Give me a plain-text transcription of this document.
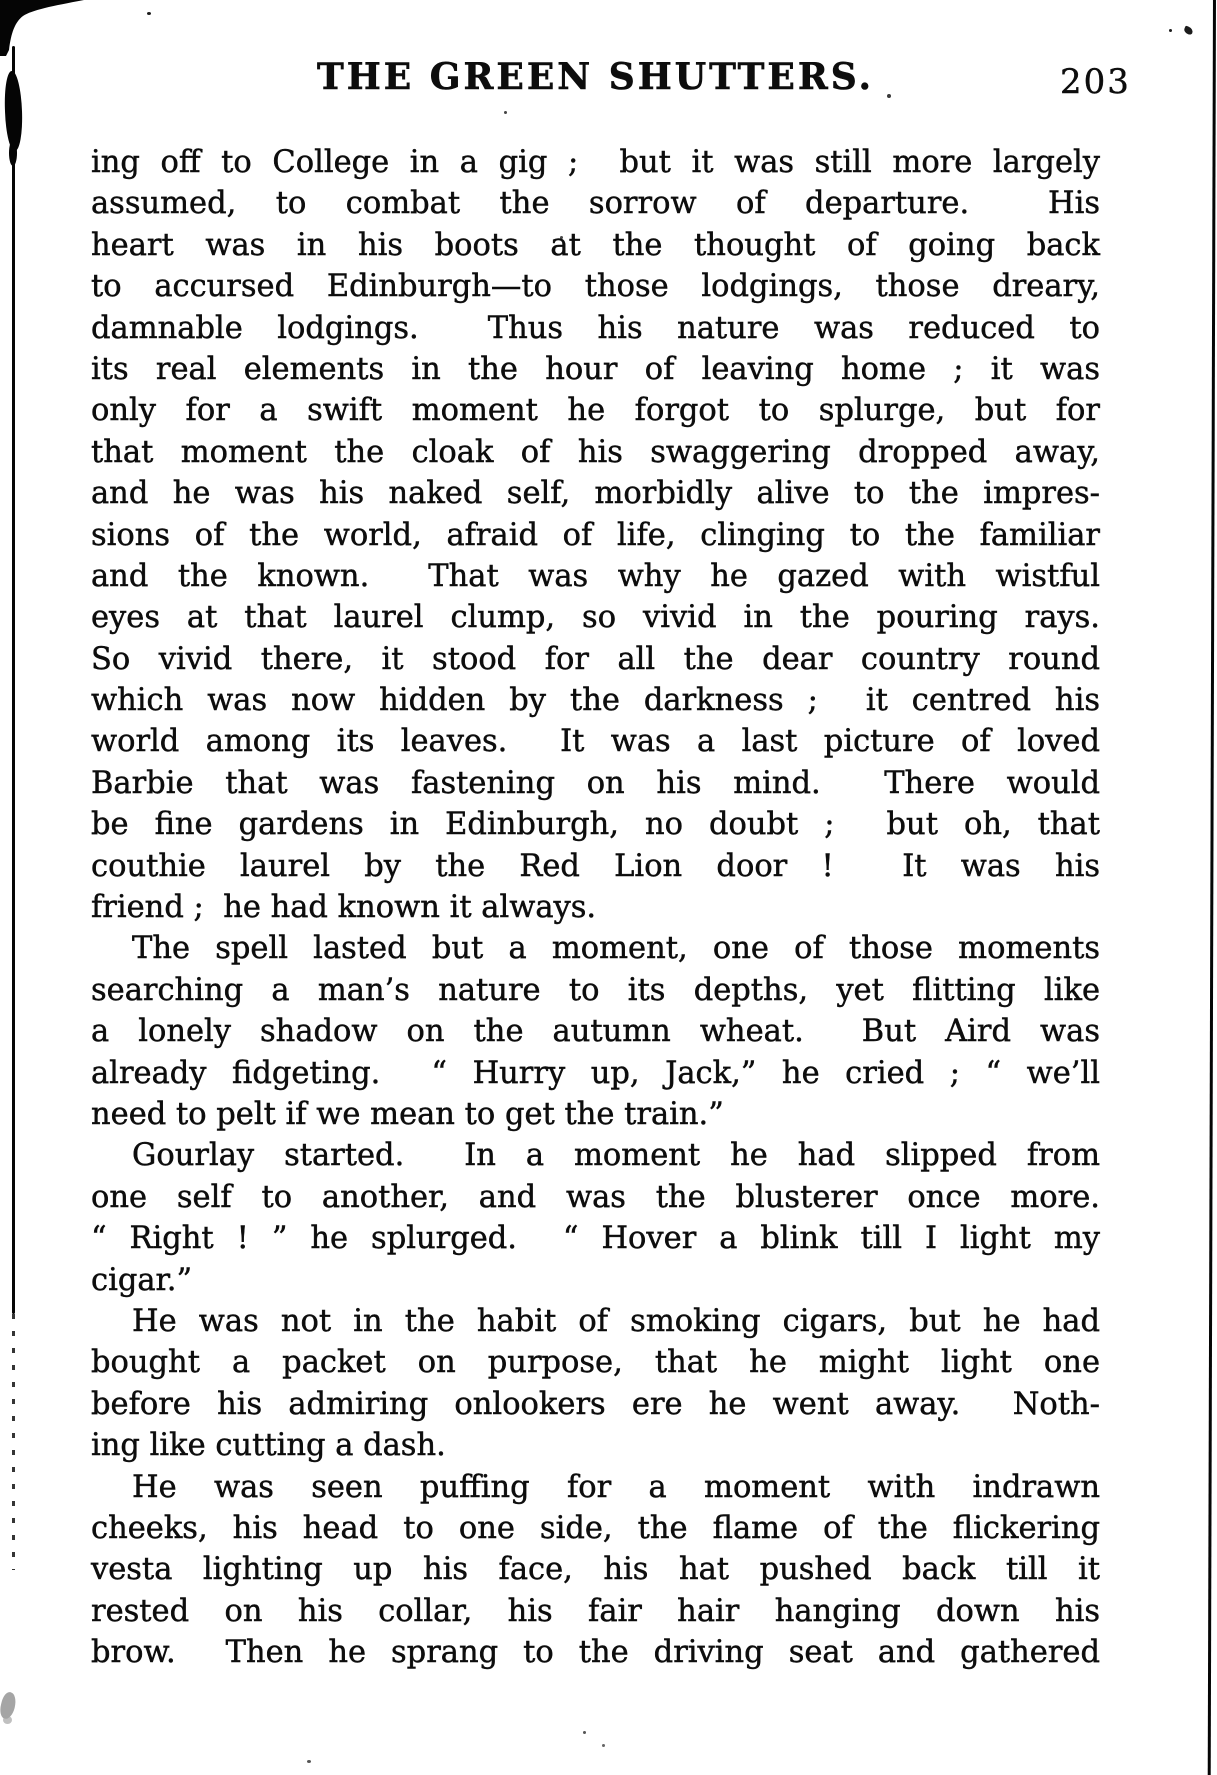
THE GREEN SHUTTERS.	203
ing off to College in a gig ;  but it was still more largely
assumed, to combat the sorrow of departure.  His
heart was in his boots at the thought of going back
to accursed Edinburgh—to those lodgings, those dreary,
damnable lodgings.  Thus his nature was reduced to
its real elements in the hour of leaving home ; it was
only for a swift moment he forgot to splurge, but for
that moment the cloak of his swaggering dropped away,
and he was his naked self, morbidly alive to the impres-
sions of the world, afraid of life, clinging to the familiar
and the known.  That was why he gazed with wistful
eyes at that laurel clump, so vivid in the pouring rays.
So vivid there, it stood for all the dear country round
which was now hidden by the darkness ;  it centred his
world among its leaves.  It was a last picture of loved
Barbie that was fastening on his mind.  There would
be fine gardens in Edinburgh, no doubt ;  but oh, that
couthie laurel by the Red Lion door !  It was his
friend ;  he had known it always.
The spell lasted but a moment, one of those moments
searching a man’s nature to its depths, yet flitting like
a lonely shadow on the autumn wheat.  But Aird was
already fidgeting.  “ Hurry up, Jack,” he cried ; “ we’ll
need to pelt if we mean to get the train.”
Gourlay started.  In a moment he had slipped from
one self to another, and was the blusterer once more.
“ Right ! ” he splurged.  “ Hover a blink till I light my
cigar.”
He was not in the habit of smoking cigars, but he had
bought a packet on purpose, that he might light one
before his admiring onlookers ere he went away.  Noth-
ing like cutting a dash.
He was seen puffing for a moment with indrawn
cheeks, his head to one side, the flame of the flickering
vesta lighting up his face, his hat pushed back till it
rested on his collar, his fair hair hanging down his
brow.  Then he sprang to the driving seat and gathered
